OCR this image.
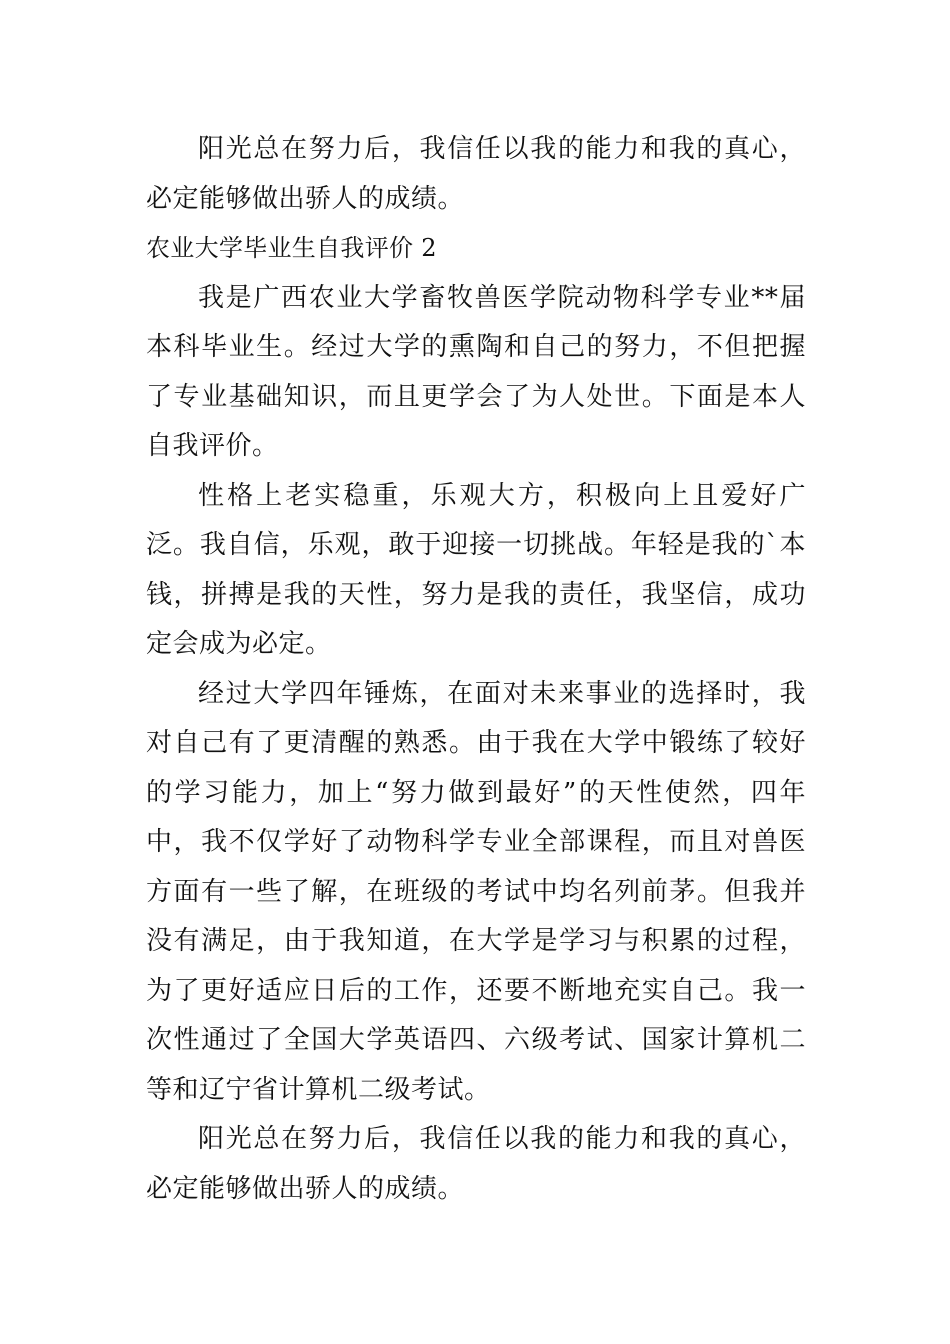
阳光总在努力后，我信任以我的能力和我的真心，必定能够做出骄人的成绩。

农业大学毕业生自我评价 2

我是广西农业大学畜牧兽医学院动物科学专业**届本科毕业生。经过大学的熏陶和自己的努力，不但把握了专业基础知识，而且更学会了为人处世。下面是本人自我评价。

性格上老实稳重，乐观大方，积极向上且爱好广泛。我自信，乐观，敢于迎接一切挑战。年轻是我的`本钱，拼搏是我的天性，努力是我的责任，我坚信，成功定会成为必定。

经过大学四年锤炼，在面对未来事业的选择时，我对自己有了更清醒的熟悉。由于我在大学中锻练了较好的学习能力，加上“努力做到最好”的天性使然，四年中，我不仅学好了动物科学专业全部课程，而且对兽医方面有一些了解，在班级的考试中均名列前茅。但我并没有满足，由于我知道，在大学是学习与积累的过程，为了更好适应日后的工作，还要不断地充实自己。我一次性通过了全国大学英语四、六级考试、国家计算机二等和辽宁省计算机二级考试。

阳光总在努力后，我信任以我的能力和我的真心，必定能够做出骄人的成绩。
